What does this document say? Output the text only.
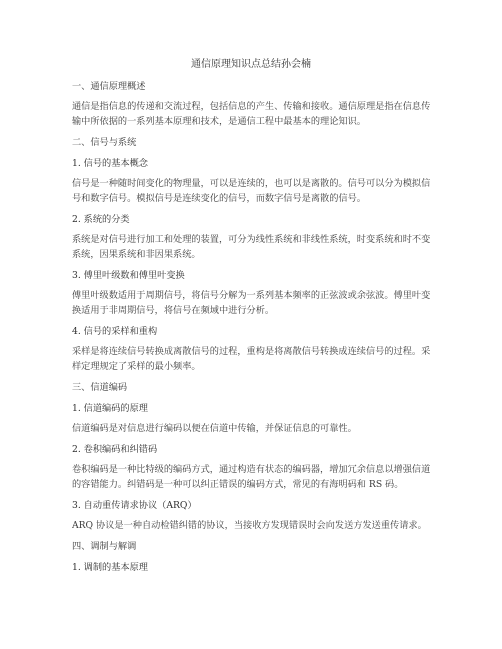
通信原理知识点总结孙会楠
一、通信原理概述
通信是指信息的传递和交流过程，包括信息的产生、传输和接收。通信原理是指在信息传
输中所依据的一系列基本原理和技术，是通信工程中最基本的理论知识。
二、信号与系统
1. 信号的基本概念
信号是一种随时间变化的物理量，可以是连续的，也可以是离散的。信号可以分为模拟信
号和数字信号。模拟信号是连续变化的信号，而数字信号是离散的信号。
2. 系统的分类
系统是对信号进行加工和处理的装置，可分为线性系统和非线性系统，时变系统和时不变
系统，因果系统和非因果系统。
3. 傅里叶级数和傅里叶变换
傅里叶级数适用于周期信号，将信号分解为一系列基本频率的正弦波或余弦波。傅里叶变
换适用于非周期信号，将信号在频域中进行分析。
4. 信号的采样和重构
采样是将连续信号转换成离散信号的过程，重构是将离散信号转换成连续信号的过程。采
样定理规定了采样的最小频率。
三、信道编码
1. 信道编码的原理
信道编码是对信息进行编码以便在信道中传输，并保证信息的可靠性。
2. 卷积编码和纠错码
卷积编码是一种比特级的编码方式，通过构造有状态的编码器，增加冗余信息以增强信道
的容错能力。纠错码是一种可以纠正错误的编码方式，常见的有海明码和 RS 码。
3. 自动重传请求协议（ARQ）
ARQ 协议是一种自动检错纠错的协议，当接收方发现错误时会向发送方发送重传请求。
四、调制与解调
1. 调制的基本原理
